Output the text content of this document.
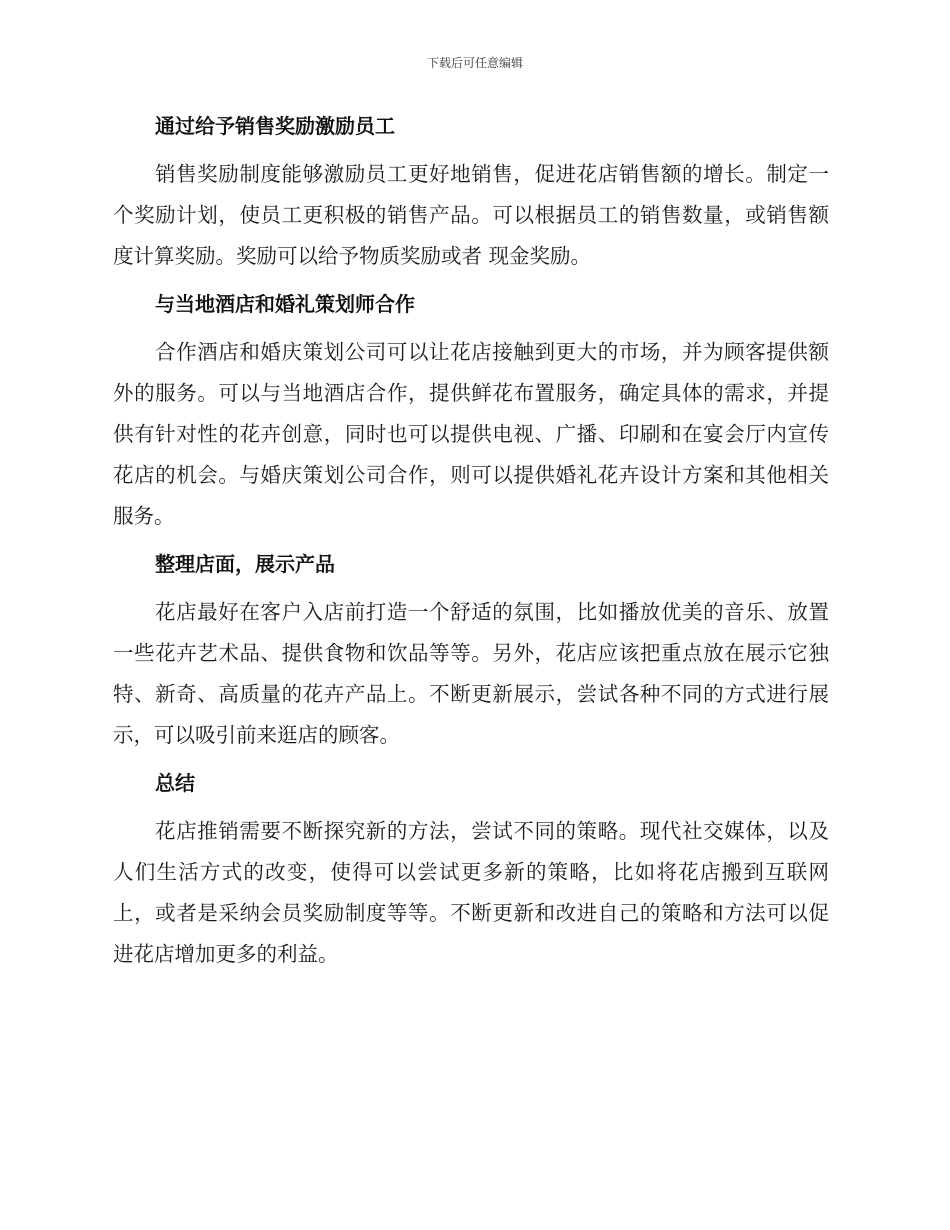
下载后可任意编辑
通过给予销售奖励激励员工

销售奖励制度能够激励员工更好地销售，促进花店销售额的增长。制定一个奖励计划，使员工更积极的销售产品。可以根据员工的销售数量，或销售额度计算奖励。奖励可以给予物质奖励或者 现金奖励。

与当地酒店和婚礼策划师合作

合作酒店和婚庆策划公司可以让花店接触到更大的市场，并为顾客提供额外的服务。可以与当地酒店合作，提供鲜花布置服务，确定具体的需求，并提供有针对性的花卉创意，同时也可以提供电视、广播、印刷和在宴会厅内宣传花店的机会。与婚庆策划公司合作，则可以提供婚礼花卉设计方案和其他相关服务。

整理店面，展示产品

花店最好在客户入店前打造一个舒适的氛围，比如播放优美的音乐、放置一些花卉艺术品、提供食物和饮品等等。另外，花店应该把重点放在展示它独特、新奇、高质量的花卉产品上。不断更新展示，尝试各种不同的方式进行展示，可以吸引前来逛店的顾客。

总结

花店推销需要不断探究新的方法，尝试不同的策略。现代社交媒体，以及人们生活方式的改变，使得可以尝试更多新的策略，比如将花店搬到互联网上，或者是采纳会员奖励制度等等。不断更新和改进自己的策略和方法可以促进花店增加更多的利益。
